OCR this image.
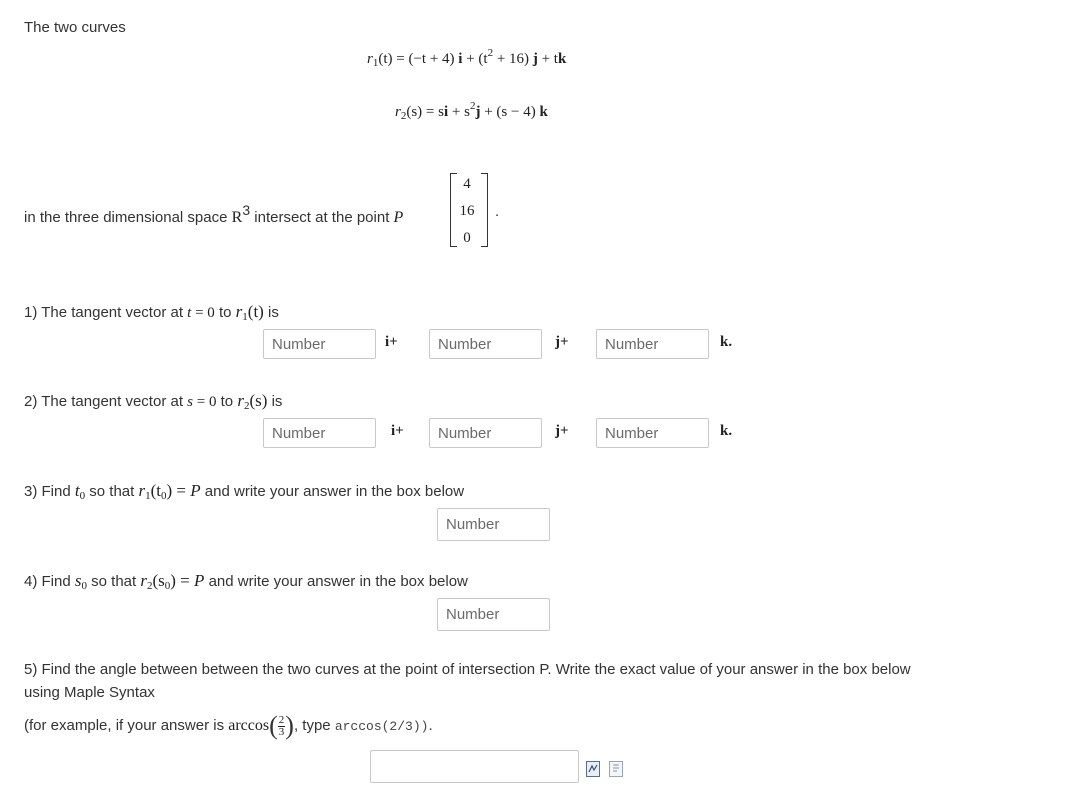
The two curves
$r_1(t) = (-t + 4) i + (t^2 + 16) j$ + tk
$r_2(s)$ = si + $s^2j + (s - 4)$ k
in the three dimensional space R3 intersect at the point P
4
16
0
.
1) The tangent vector at t = 0 to $r_1(t)$ is
Number
i+
Number	j+
Number	k.
2) The tangent vector at s = 0 to $r_2(s)$ is
Number
i+
Number	j+
Number	k.
3) Find $t_0$ so that $r_1(t_0) = P$ and write your answer in the box below
Number
4) Find $s_0$ so that $r_2(s_0) = P$ and write your answer in the box below
Number
5) Find the angle between between the two curves at the point of intersection P. Write the exact value of your answer in the box below
using Maple Syntax
(for example, if your answer is $\arccos( \frac{2}{3}$ ), type arccos(2/3)).
